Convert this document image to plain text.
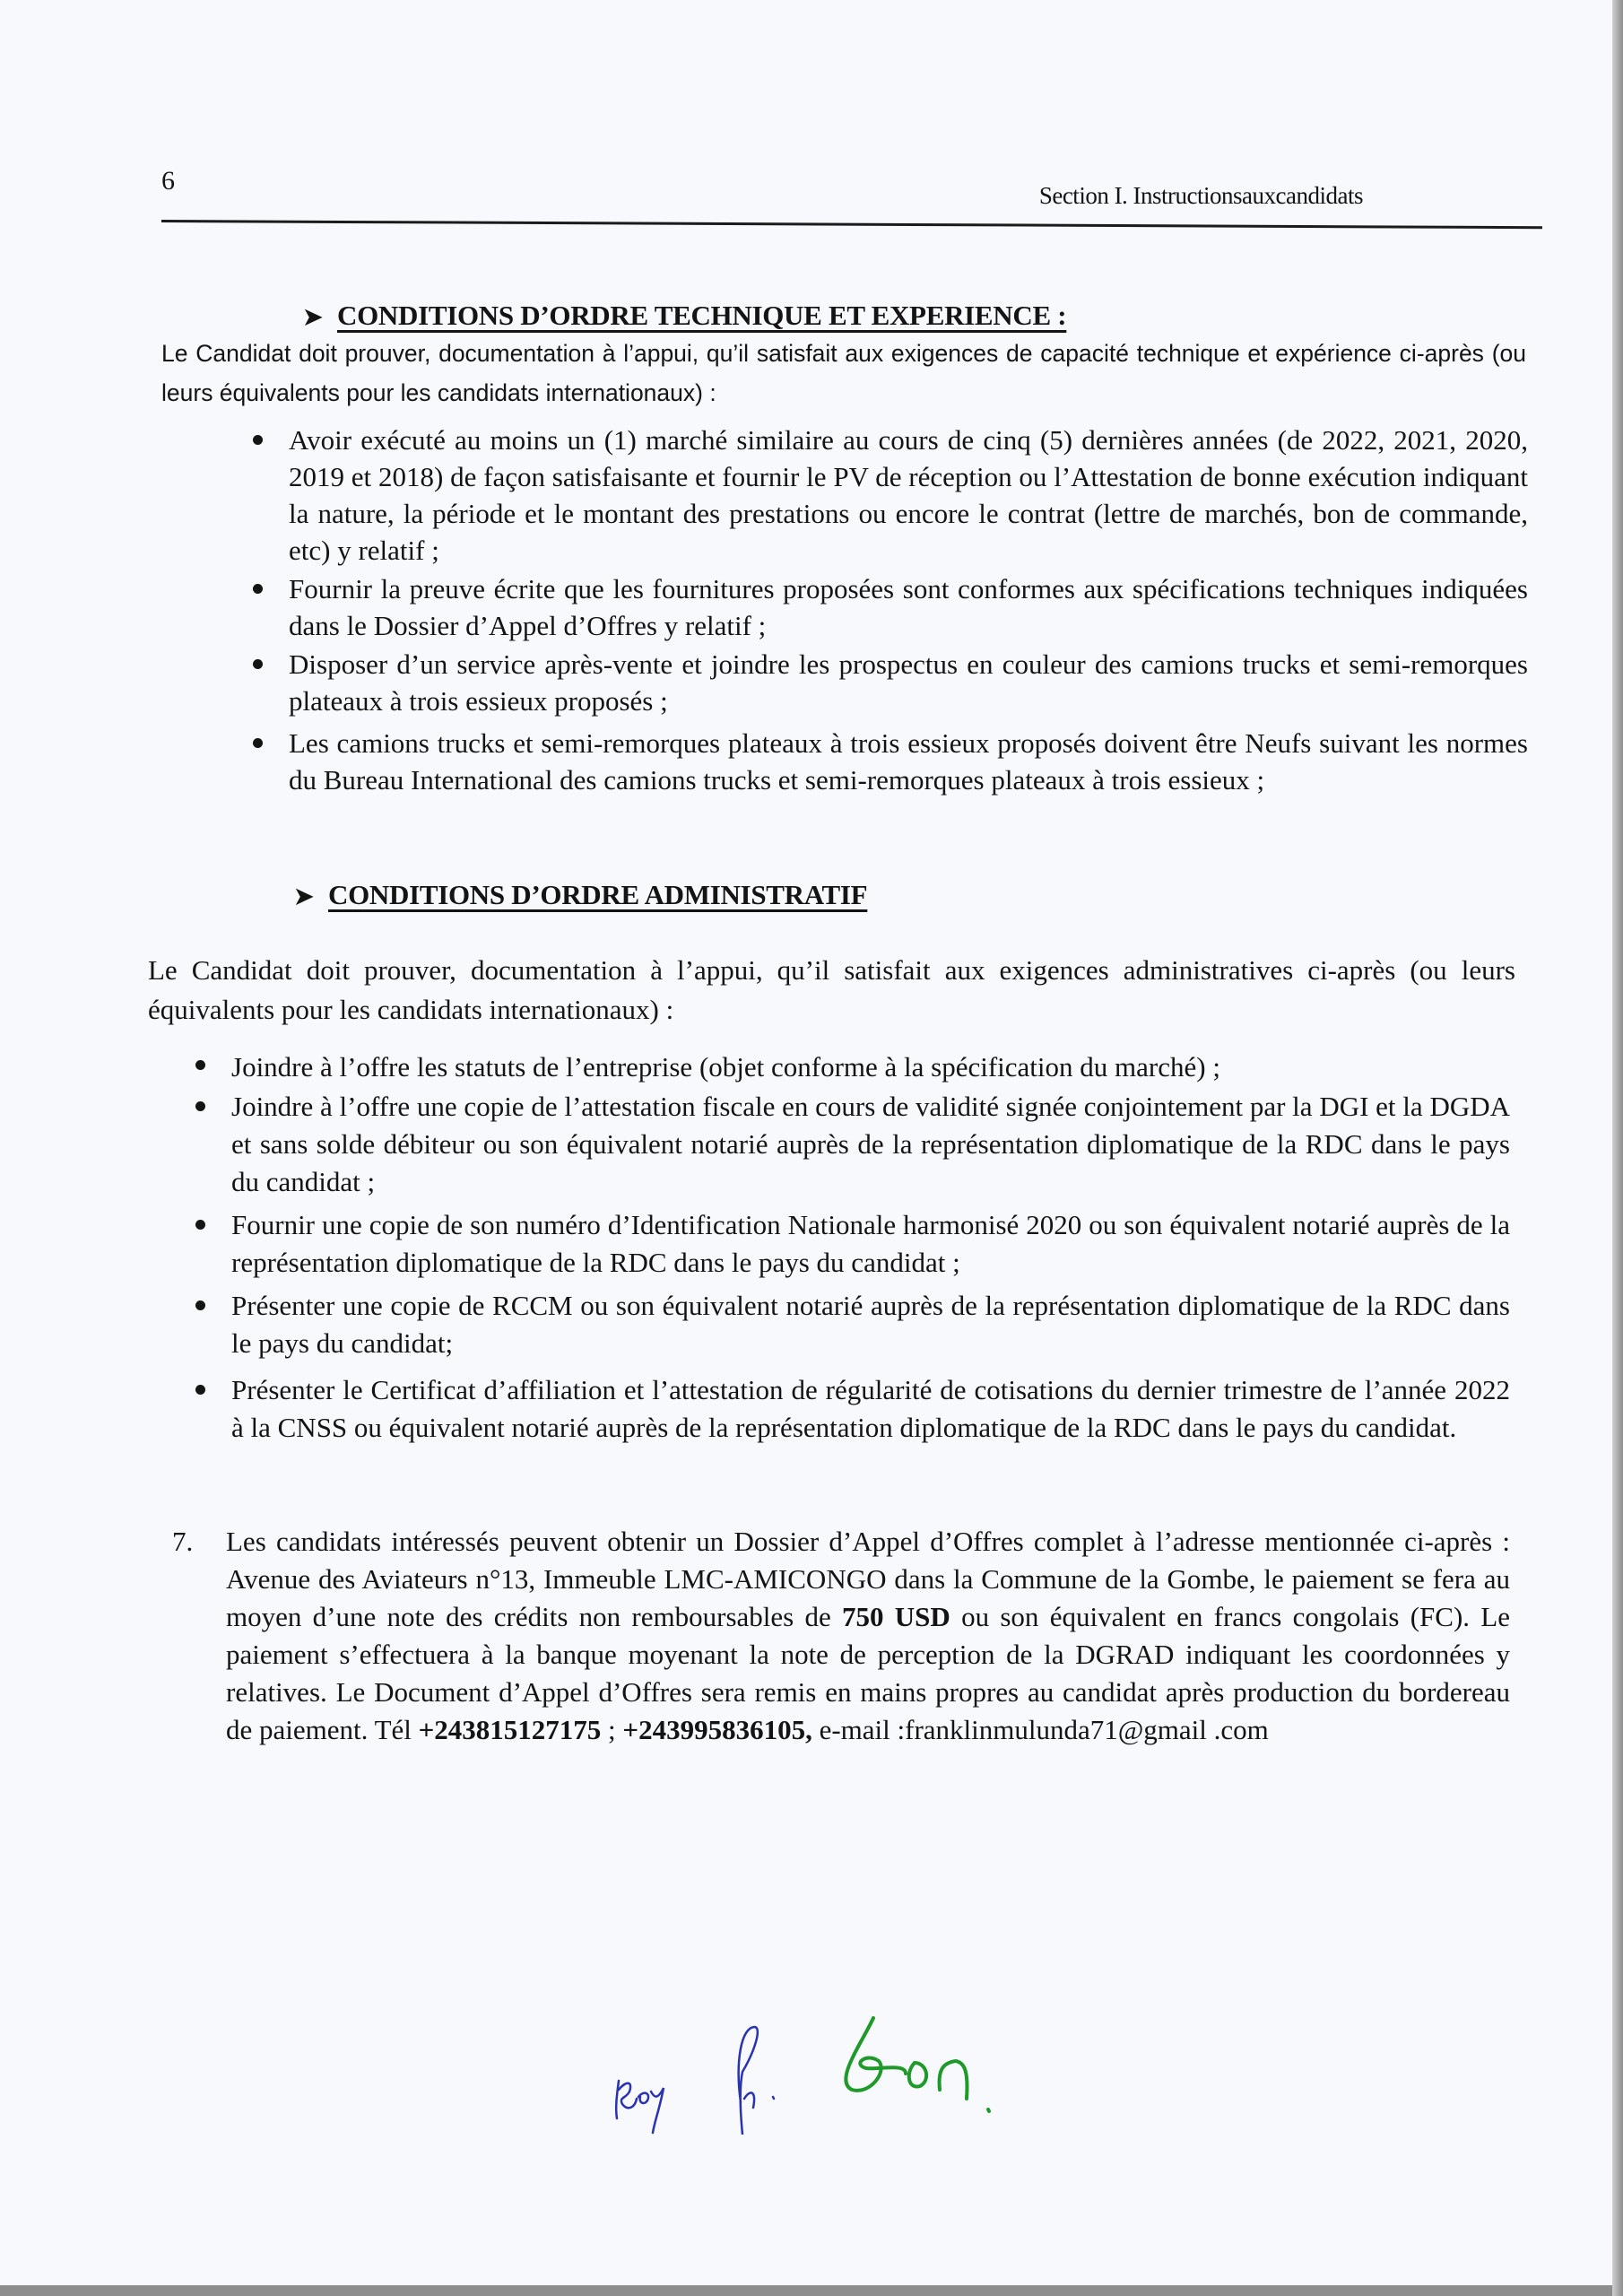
6	Section I. Instructionsauxcandidats
➤ CONDITIONS D’ORDRE TECHNIQUE ET EXPERIENCE :

Le Candidat doit prouver, documentation à l’appui, qu’il satisfait aux exigences de capacité technique et expérience ci-après (ou leurs équivalents pour les candidats internationaux) :

Avoir exécuté au moins un (1) marché similaire au cours de cinq (5) dernières années (de 2022, 2021, 2020, 2019 et 2018) de façon satisfaisante et fournir le PV de réception ou l’Attestation de bonne exécution indiquant la nature, la période et le montant des prestations ou encore le contrat (lettre de marchés, bon de commande, etc) y relatif ;
Fournir la preuve écrite que les fournitures proposées sont conformes aux spécifications techniques indiquées dans le Dossier d’Appel d’Offres y relatif ;
Disposer d’un service après-vente et joindre les prospectus en couleur des camions trucks et semi-remorques plateaux à trois essieux proposés ;
Les camions trucks et semi-remorques plateaux à trois essieux proposés doivent être Neufs suivant les normes du Bureau International des camions trucks et semi-remorques plateaux à trois essieux ;
➤ CONDITIONS D’ORDRE ADMINISTRATIF

Le Candidat doit prouver, documentation à l’appui, qu’il satisfait aux exigences administratives ci-après (ou leurs équivalents pour les candidats internationaux) :

Joindre à l’offre les statuts de l’entreprise (objet conforme à la spécification du marché) ;
Joindre à l’offre une copie de l’attestation fiscale en cours de validité signée conjointement par la DGI et la DGDA et sans solde débiteur ou son équivalent notarié auprès de la représentation diplomatique de la RDC dans le pays du candidat ;
Fournir une copie de son numéro d’Identification Nationale harmonisé 2020 ou son équivalent notarié auprès de la représentation diplomatique de la RDC dans le pays du candidat ;
Présenter une copie de RCCM ou son équivalent notarié auprès de la représentation diplomatique de la RDC dans le pays du candidat;
Présenter le Certificat d’affiliation et l’attestation de régularité de cotisations du dernier trimestre de l’année 2022 à la CNSS ou équivalent notarié auprès de la représentation diplomatique de la RDC dans le pays du candidat.
7. Les candidats intéressés peuvent obtenir un Dossier d’Appel d’Offres complet à l’adresse mentionnée ci-après : Avenue des Aviateurs n°13, Immeuble LMC-AMICONGO dans la Commune de la Gombe, le paiement se fera au moyen d’une note des crédits non remboursables de 750 USD ou son équivalent en francs congolais (FC). Le paiement s’effectuera à la banque moyenant la note de perception de la DGRAD indiquant les coordonnées y relatives. Le Document d’Appel d’Offres sera remis en mains propres au candidat après production du bordereau de paiement. Tél +243815127175 ; +243995836105, e-mail :franklinmulunda71@gmail .com
